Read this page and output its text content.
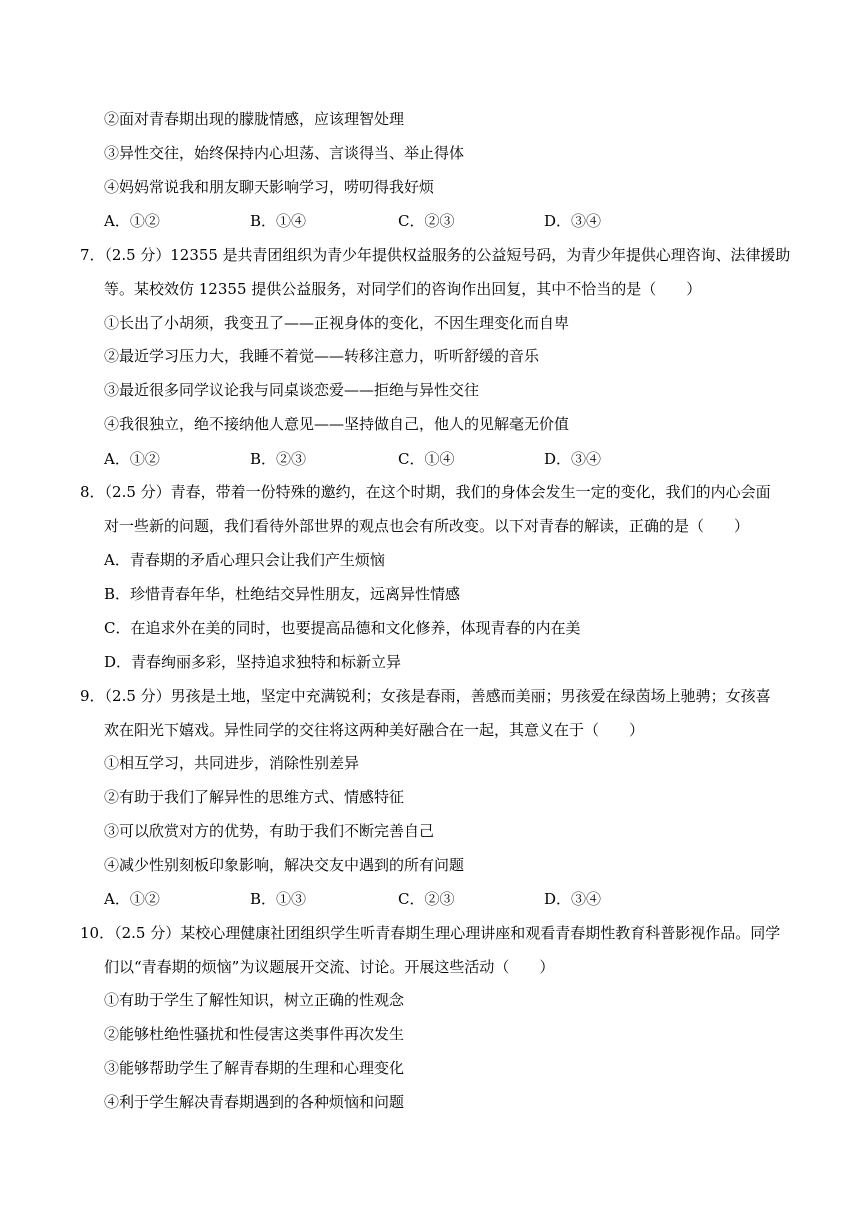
②面对青春期出现的朦胧情感，应该理智处理
③异性交往，始终保持内心坦荡、言谈得当、举止得体
④妈妈常说我和朋友聊天影响学习，唠叨得我好烦
A．①②	B．①④	C．②③	D．③④
7．（2.5 分）12355 是共青团组织为青少年提供权益服务的公益短号码，为青少年提供心理咨询、法律援助
等。某校效仿 12355 提供公益服务，对同学们的咨询作出回复，其中不恰当的是（　　）
①长出了小胡须，我变丑了——正视身体的变化，不因生理变化而自卑
②最近学习压力大，我睡不着觉——转移注意力，听听舒缓的音乐
③最近很多同学议论我与同桌谈恋爱——拒绝与异性交往
④我很独立，绝不接纳他人意见——坚持做自己，他人的见解毫无价值
A．①②	B．②③	C．①④	D．③④
8．（2.5 分）青春，带着一份特殊的邀约，在这个时期，我们的身体会发生一定的变化，我们的内心会面
对一些新的问题，我们看待外部世界的观点也会有所改变。以下对青春的解读，正确的是（　　）
A．青春期的矛盾心理只会让我们产生烦恼
B．珍惜青春年华，杜绝结交异性朋友，远离异性情感
C．在追求外在美的同时，也要提高品德和文化修养，体现青春的内在美
D．青春绚丽多彩，坚持追求独特和标新立异
9．（2.5 分）男孩是土地，坚定中充满锐利；女孩是春雨，善感而美丽；男孩爱在绿茵场上驰骋；女孩喜
欢在阳光下嬉戏。异性同学的交往将这两种美好融合在一起，其意义在于（　　）
①相互学习，共同进步，消除性别差异
②有助于我们了解异性的思维方式、情感特征
③可以欣赏对方的优势，有助于我们不断完善自己
④减少性别刻板印象影响，解决交友中遇到的所有问题
A．①②	B．①③	C．②③	D．③④
10．（2.5 分）某校心理健康社团组织学生听青春期生理心理讲座和观看青春期性教育科普影视作品。同学
们以“青春期的烦恼”为议题展开交流、讨论。开展这些活动（　　）
①有助于学生了解性知识，树立正确的性观念
②能够杜绝性骚扰和性侵害这类事件再次发生
③能够帮助学生了解青春期的生理和心理变化
④利于学生解决青春期遇到的各种烦恼和问题
